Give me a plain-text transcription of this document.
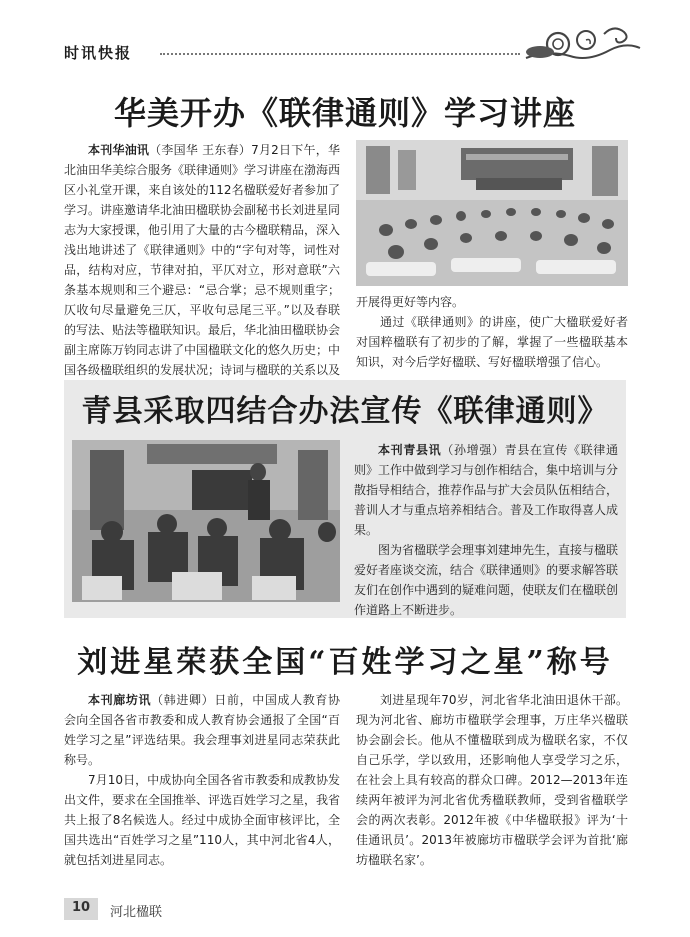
时讯快报
华美开办《联律通则》学习讲座

本刊华油讯（李国华 王东春）7月2日下午，华北油田华美综合服务《联律通则》学习讲座在渤海西区小礼堂开课，来自该处的112名楹联爱好者参加了学习。讲座邀请华北油田楹联协会副秘书长刘进星同志为大家授课，他引用了大量的古今楹联精品，深入浅出地讲述了《联律通则》中的“字句对等，词性对品，结构对应，节律对拍，平仄对立，形对意联”六条基本规则和三个避忌：“忌合掌；忌不规则重字；仄收句尽量避免三仄，平收句忌尾三平。”以及春联的写法、贴法等楹联知识。最后，华北油田楹联协会副主席陈万钧同志讲了中国楹联文化的悠久历史；中国各级楹联组织的发展状况；诗词与楹联的关系以及

开展得更好等内容。

通过《联律通则》的讲座，使广大楹联爱好者对国粹楹联有了初步的了解，掌握了一些楹联基本知识，对今后学好楹联、写好楹联增强了信心。

青县采取四结合办法宣传《联律通则》

本刊青县讯（孙增强）青县在宣传《联律通则》工作中做到学习与创作相结合，集中培训与分散指导相结合，推荐作品与扩大会员队伍相结合，普训人才与重点培养相结合。普及工作取得喜人成果。

图为省楹联学会理事刘建坤先生，直接与楹联爱好者座谈交流，结合《联律通则》的要求解答联友们在创作中遇到的疑难问题，使联友们在楹联创作道路上不断进步。

刘进星荣获全国“百姓学习之星”称号

本刊廊坊讯（韩进卿）日前，中国成人教育协会向全国各省市教委和成人教育协会通报了全国“百姓学习之星”评选结果。我会理事刘进星同志荣获此称号。

7月10日，中成协向全国各省市教委和成教协发出文件，要求在全国推举、评选百姓学习之星，我省共上报了8名候选人。经过中成协全面审核评比，全国共选出“百姓学习之星”110人，其中河北省4人，就包括刘进星同志。

刘进星现年70岁，河北省华北油田退休干部。现为河北省、廊坊市楹联学会理事，万庄华兴楹联协会副会长。他从不懂楹联到成为楹联名家，不仅自己乐学，学以致用，还影响他人享受学习之乐，在社会上具有较高的群众口碑。2012—2013年连续两年被评为河北省优秀楹联教师，受到省楹联学会的两次表彰。2012年被《中华楹联报》评为‘十佳通讯员’。2013年被廊坊市楹联学会评为首批‘廊坊楹联名家’。

10	河北楹联
